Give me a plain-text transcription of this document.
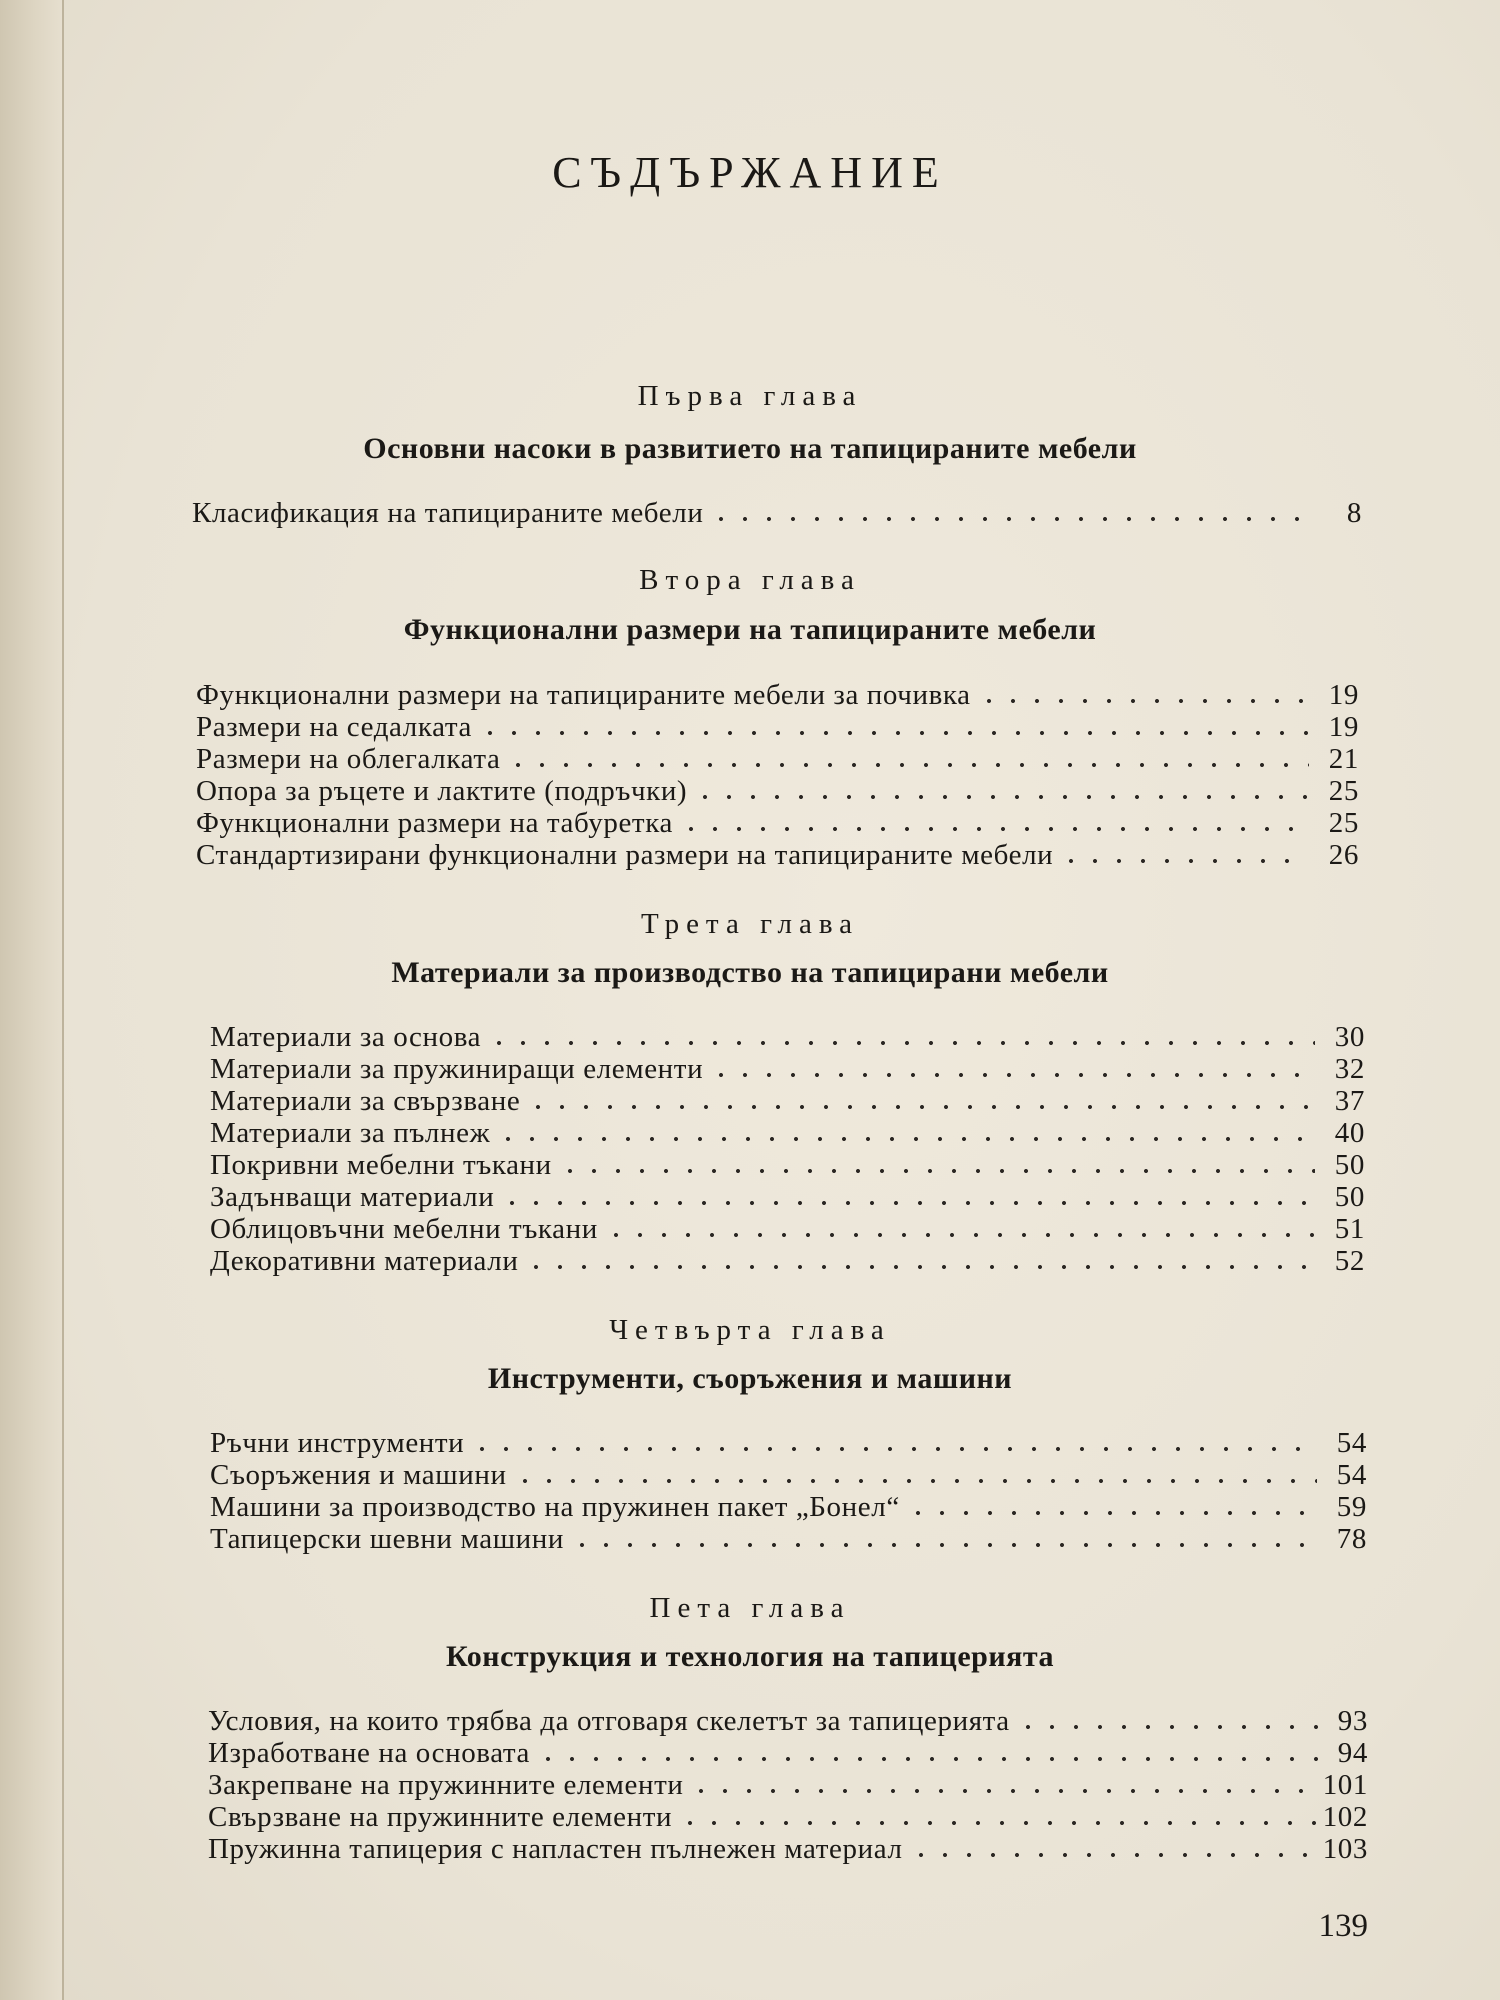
СЪДЪРЖАНИЕ
Първа глава
Основни насоки в развитието на тапицираните мебели
Класификация на тапицираните мебели	8
Втора глава
Функционални размери на тапицираните мебели
Функционални размери на тапицираните мебели за почивка	19
Размери на седалката	19
Размери на облегалката	21
Опора за ръцете и лактите (подръчки)	25
Функционални размери на табуретка	25
Стандартизирани функционални размери на тапицираните мебели	26
Трета глава
Материали за производство на тапицирани мебели
Материали за основа	30
Материали за пружиниращи елементи	32
Материали за свързване	37
Материали за пълнеж	40
Покривни мебелни тъкани	50
Задънващи материали	50
Облицовъчни мебелни тъкани	51
Декоративни материали	52
Четвърта глава
Инструменти, съоръжения и машини
Ръчни инструменти	54
Съоръжения и машини	54
Машини за производство на пружинен пакет „Бонел“	59
Тапицерски шевни машини	78
Пета глава
Конструкция и технология на тапицерията
Условия, на които трябва да отговаря скелетът за тапицерията	93
Изработване на основата	94
Закрепване на пружинните елементи	101
Свързване на пружинните елементи	102
Пружинна тапицерия с напластен пълнежен материал	103
139
